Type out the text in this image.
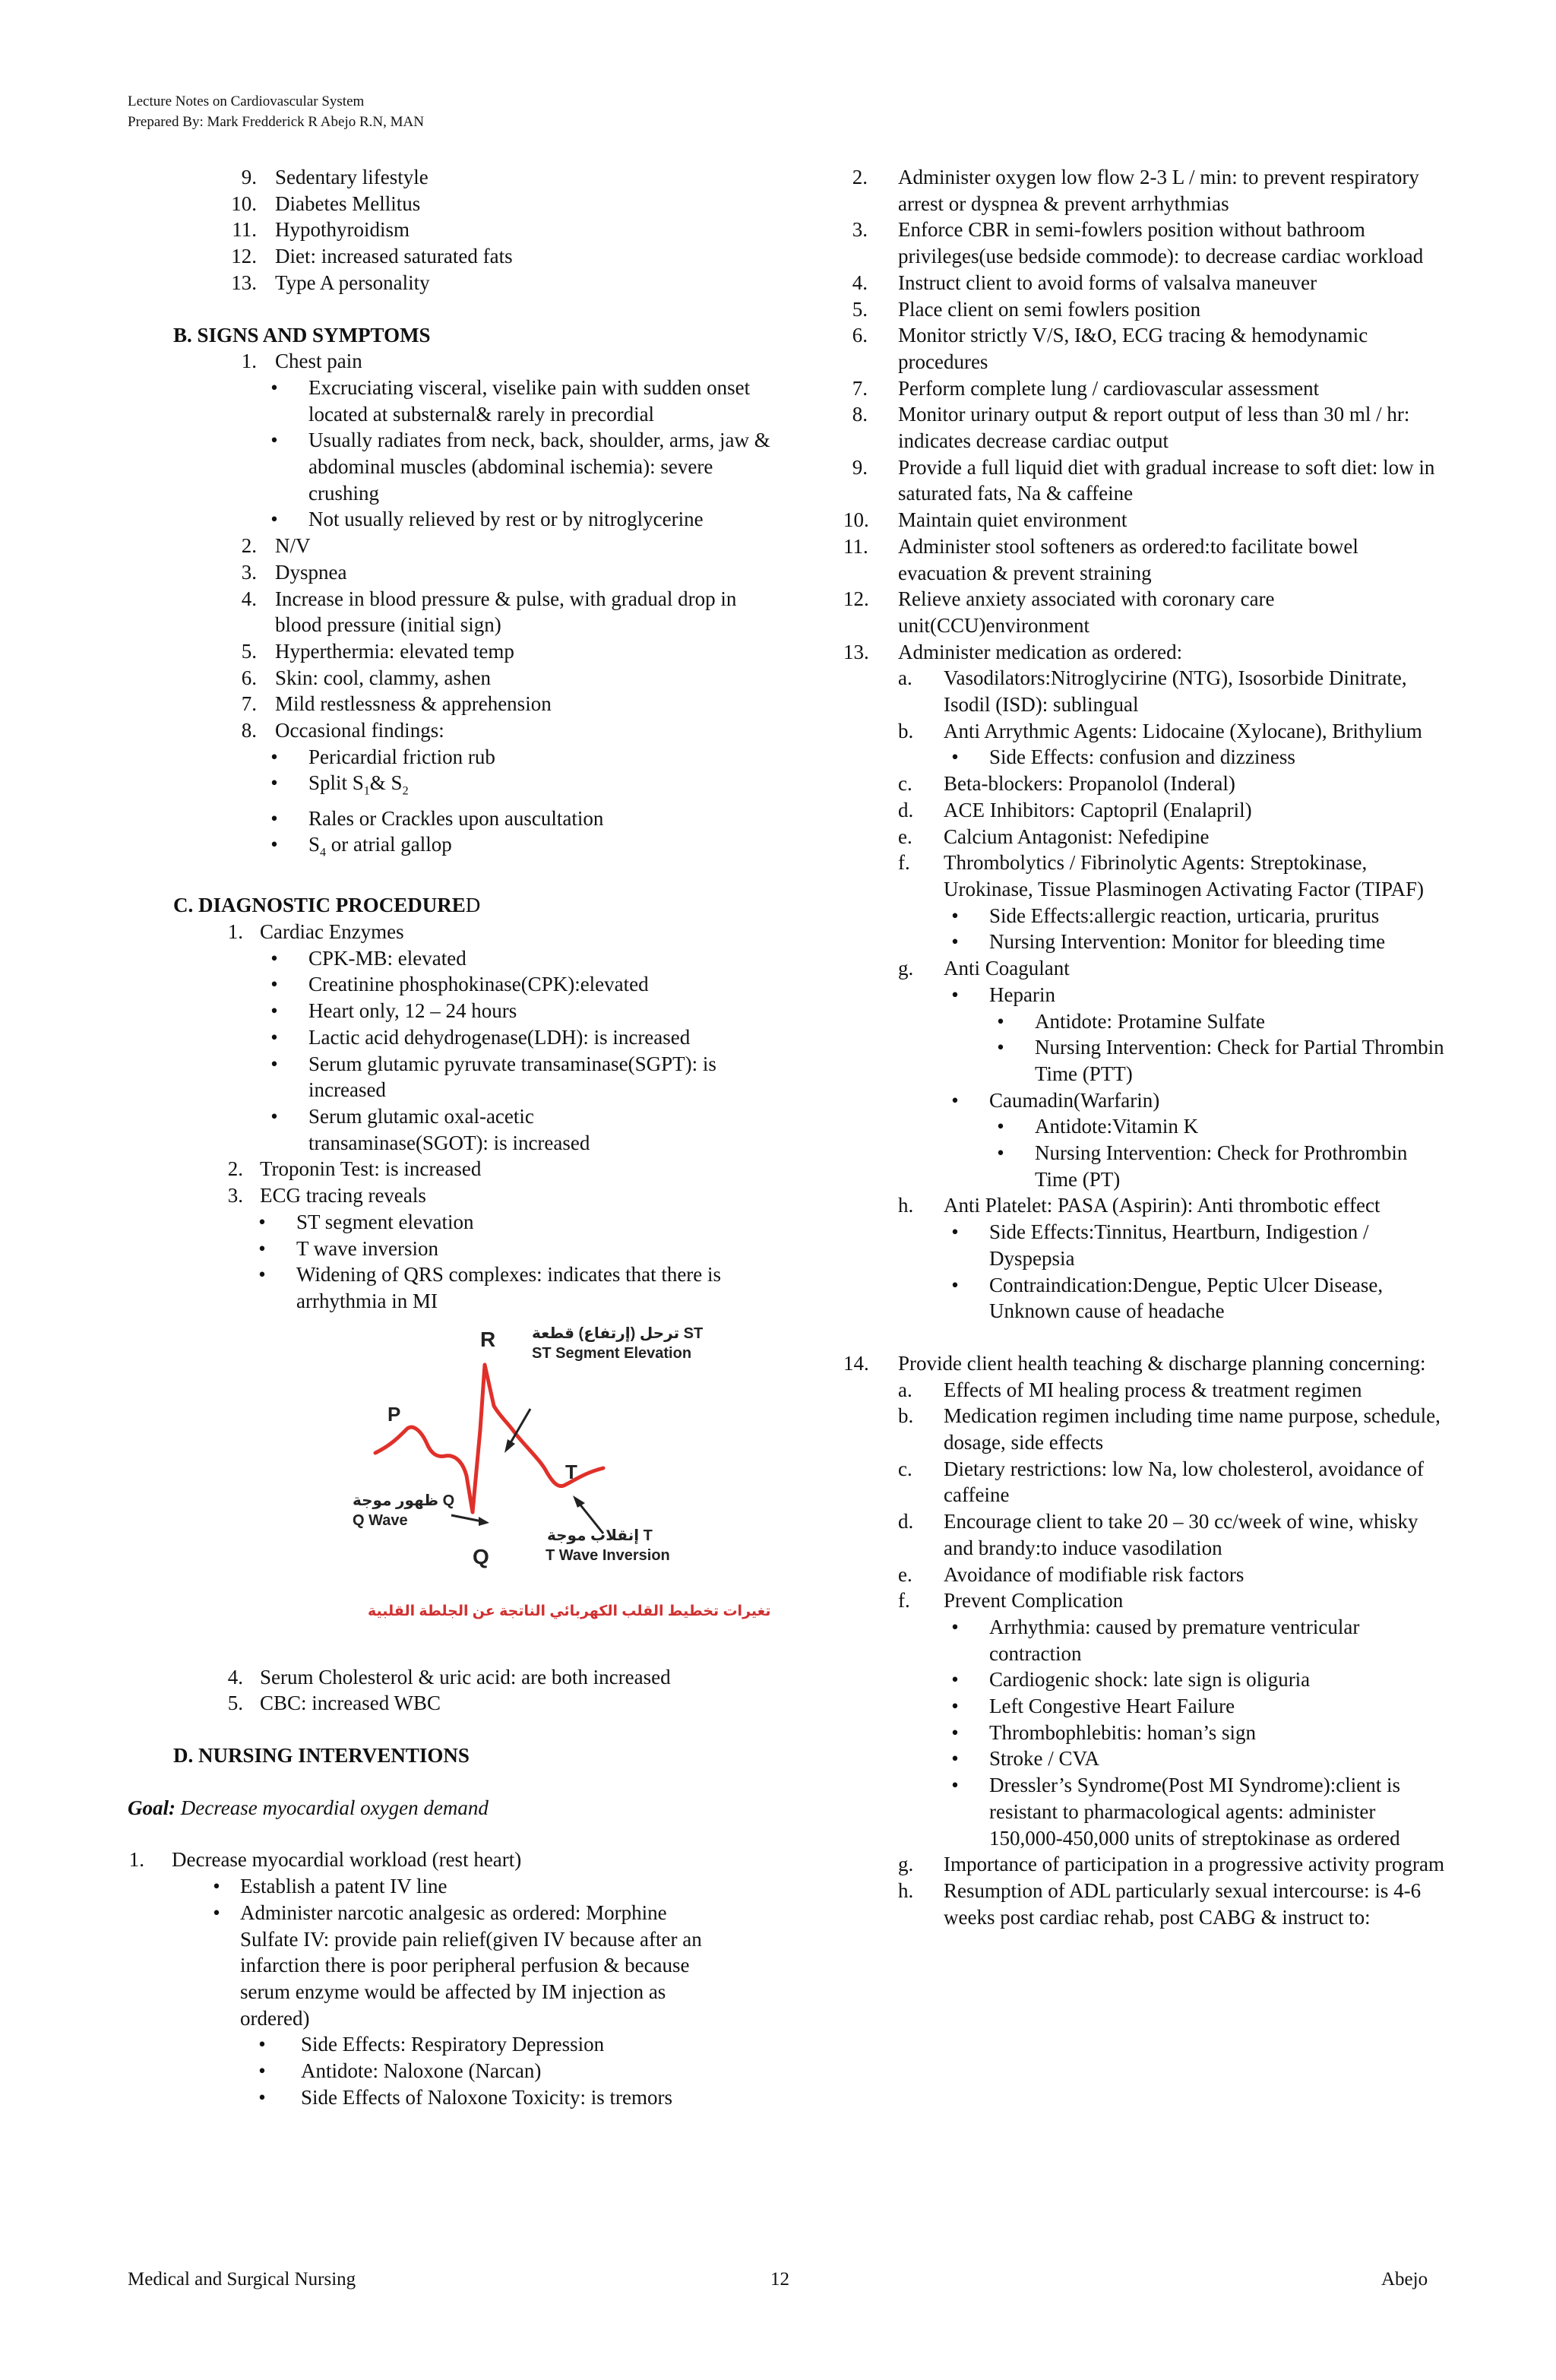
Lecture Notes on Cardiovascular System
Prepared By: Mark Fredderick R Abejo R.N, MAN
9. Sedentary lifestyle
10. Diabetes Mellitus
11. Hypothyroidism
12. Diet: increased saturated fats
13. Type A personality
B. SIGNS AND SYMPTOMS
1. Chest pain
•	Excruciating visceral, viselike pain with sudden onset located at substernal& rarely in precordial
•	Usually radiates from neck, back, shoulder, arms, jaw & abdominal muscles (abdominal ischemia): severe crushing
•	Not usually relieved by rest or by nitroglycerine
2. N/V
3. Dyspnea
4. Increase in blood pressure & pulse, with gradual drop in blood pressure (initial sign)
5. Hyperthermia: elevated temp
6. Skin: cool, clammy, ashen
7. Mild restlessness & apprehension
8. Occasional findings:
•	Pericardial friction rub
•	Split $S_1\&$ $S_2$
•	Rales or Crackles upon auscultation
•	$S_4$ or atrial gallop
C. DIAGNOSTIC PROCEDURED
1. Cardiac Enzymes
•	CPK-MB: elevated
•	Creatinine phosphokinase(CPK):elevated
•	Heart only, 12 – 24 hours
•	Lactic acid dehydrogenase(LDH): is increased
•	Serum glutamic pyruvate transaminase(SGPT): is increased
•	Serum glutamic oxal-acetic transaminase(SGOT): is increased
2. Troponin Test: is increased
3. ECG tracing reveals
•	ST segment elevation
•	T wave inversion
•	Widening of QRS complexes: indicates that there is arrhythmia in MI
P
R
Q
T
ترحل (إرتفاع) قطعة ST
ST Segment Elevation
ظهور موجة Q
Q Wave
إنقلاب موجة T
T Wave Inversion
تغيرات تخطيط القلب الكهربائي الناتجة عن الجلطة القلبية
4. Serum Cholesterol & uric acid: are both increased
5. CBC: increased WBC
D. NURSING INTERVENTIONS
Goal: Decrease myocardial oxygen demand
1. Decrease myocardial workload (rest heart)
• Establish a patent IV line
• Administer narcotic analgesic as ordered: Morphine Sulfate IV: provide pain relief(given IV because after an infarction there is poor peripheral perfusion & because serum enzyme would be affected by IM injection as ordered)
•	Side Effects: Respiratory Depression
•	Antidote: Naloxone (Narcan)
•	Side Effects of Naloxone Toxicity: is tremors
2. Administer oxygen low flow 2-3 L / min: to prevent respiratory arrest or dyspnea & prevent arrhythmias
3. Enforce CBR in semi-fowlers position without bathroom privileges(use bedside commode): to decrease cardiac workload
4. Instruct client to avoid forms of valsalva maneuver
5. Place client on semi fowlers position
6. Monitor strictly V/S, I&O, ECG tracing & hemodynamic procedures
7. Perform complete lung / cardiovascular assessment
8. Monitor urinary output & report output of less than 30 ml / hr: indicates decrease cardiac output
9. Provide a full liquid diet with gradual increase to soft diet: low in saturated fats, Na & caffeine
10. Maintain quiet environment
11. Administer stool softeners as ordered:to facilitate bowel evacuation & prevent straining
12. Relieve anxiety associated with coronary care unit(CCU)environment
13. Administer medication as ordered:
a.	Vasodilators:Nitroglycirine (NTG), Isosorbide Dinitrate, Isodil (ISD): sublingual
b.	Anti Arrythmic Agents: Lidocaine (Xylocane), Brithylium
•	Side Effects: confusion and dizziness
c.	Beta-blockers: Propanolol (Inderal)
d.	ACE Inhibitors: Captopril (Enalapril)
e.	Calcium Antagonist: Nefedipine
f.	Thrombolytics / Fibrinolytic Agents: Streptokinase, Urokinase, Tissue Plasminogen Activating Factor (TIPAF)
•	Side Effects:allergic reaction, urticaria, pruritus
•	Nursing Intervention: Monitor for bleeding time
g.	Anti Coagulant
•	Heparin
•	Antidote: Protamine Sulfate
•	Nursing Intervention: Check for Partial Thrombin Time (PTT)
•	Caumadin(Warfarin)
•	Antidote:Vitamin K
•	Nursing Intervention: Check for Prothrombin Time (PT)
h.	Anti Platelet: PASA (Aspirin): Anti thrombotic effect
•	Side Effects:Tinnitus, Heartburn, Indigestion / Dyspepsia
•	Contraindication:Dengue, Peptic Ulcer Disease, Unknown cause of headache
14. Provide client health teaching & discharge planning concerning:
a.	Effects of MI healing process & treatment regimen
b.	Medication regimen including time name purpose, schedule, dosage, side effects
c.	Dietary restrictions: low Na, low cholesterol, avoidance of caffeine
d.	Encourage client to take 20 – 30 cc/week of wine, whisky and brandy:to induce vasodilation
e.	Avoidance of modifiable risk factors
f.	Prevent Complication
•	Arrhythmia: caused by premature ventricular contraction
•	Cardiogenic shock: late sign is oliguria
•	Left Congestive Heart Failure
•	Thrombophlebitis: homan’s sign
•	Stroke / CVA
•	Dressler’s Syndrome(Post MI Syndrome):client is resistant to pharmacological agents: administer 150,000-450,000 units of streptokinase as ordered
g.	Importance of participation in a progressive activity program
h.	Resumption of ADL particularly sexual intercourse: is 4-6 weeks post cardiac rehab, post CABG & instruct to:
Medical and Surgical Nursing	12	Abejo
